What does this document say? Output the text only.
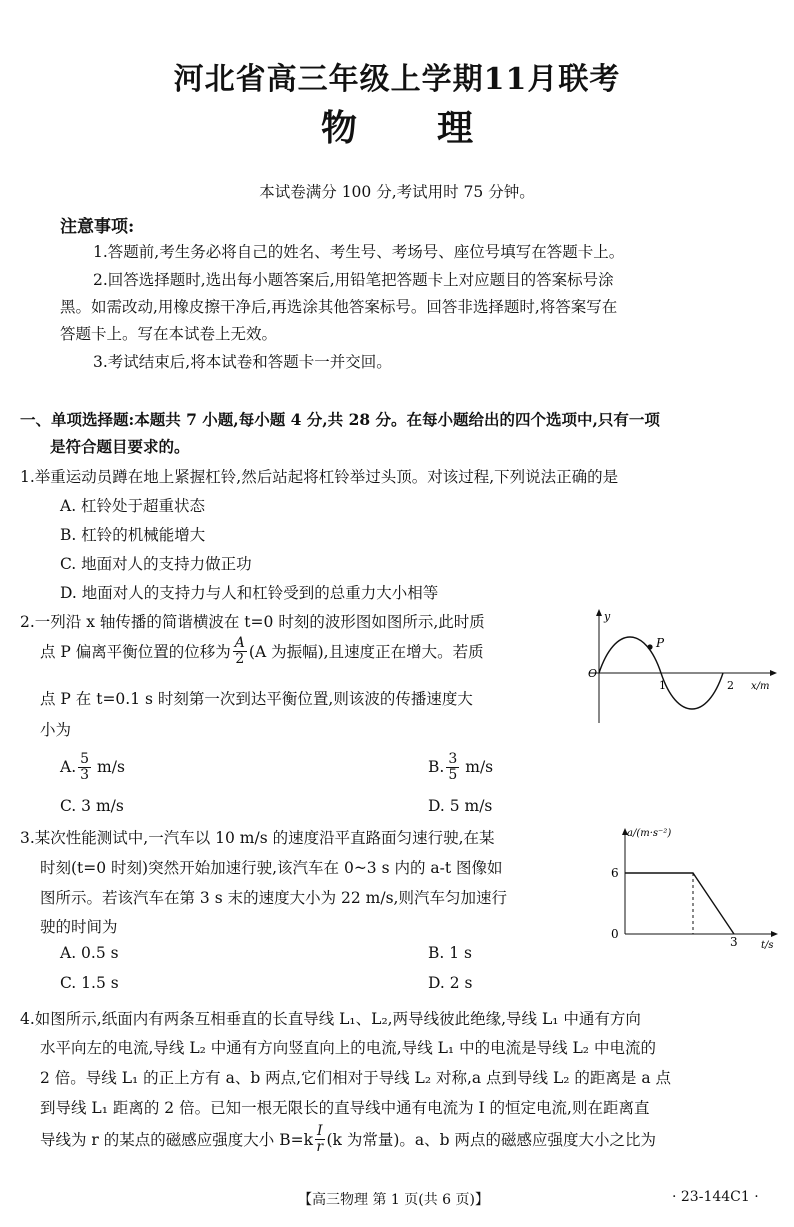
河北省高三年级上学期11月联考
物 理
本试卷满分 100 分,考试用时 75 分钟。
注意事项:
1.答题前,考生务必将自己的姓名、考生号、考场号、座位号填写在答题卡上。
2.回答选择题时,选出每小题答案后,用铅笔把答题卡上对应题目的答案标号涂
黑。如需改动,用橡皮擦干净后,再选涂其他答案标号。回答非选择题时,将答案写在
答题卡上。写在本试卷上无效。
3.考试结束后,将本试卷和答题卡一并交回。
一、单项选择题:本题共 7 小题,每小题 4 分,共 28 分。在每小题给出的四个选项中,只有一项
是符合题目要求的。
1.举重运动员蹲在地上紧握杠铃,然后站起将杠铃举过头顶。对该过程,下列说法正确的是
A. 杠铃处于超重状态
B. 杠铃的机械能增大
C. 地面对人的支持力做正功
D. 地面对人的支持力与人和杠铃受到的总重力大小相等
2.一列沿 x 轴传播的简谐横波在 t=0 时刻的波形图如图所示,此时质
点 P 偏离平衡位置的位移为 $\frac{A}{2} (A$ 为振幅),且速度正在增大。若质
点 P 在 t=0.1 s 时刻第一次到达平衡位置,则该波的传播速度大
小为
A. $\frac{5}{3} m/s$	B. $\frac{3}{5} m/s$
C. 3 m/s	D. 5 m/s
P
y
O
1	2 x/m
3.某次性能测试中,一汽车以 10 m/s 的速度沿平直路面匀速行驶,在某
时刻(t=0 时刻)突然开始加速行驶,该汽车在 0~3 s 内的 a-t 图像如
图所示。若该汽车在第 3 s 末的速度大小为 22 m/s,则汽车匀加速行
驶的时间为
A. 0.5 s	B. 1 s
C. 1.5 s	D. 2 s
a/(m·s⁻²)
6
0
3 t/s
4.如图所示,纸面内有两条互相垂直的长直导线 L₁、L₂,两导线彼此绝缘,导线 L₁ 中通有方向
水平向左的电流,导线 L₂ 中通有方向竖直向上的电流,导线 L₁ 中的电流是导线 L₂ 中电流的
2 倍。导线 L₁ 的正上方有 a、b 两点,它们相对于导线 L₂ 对称,a 点到导线 L₂ 的距离是 a 点
到导线 L₁ 距离的 2 倍。已知一根无限长的直导线中通有电流为 I 的恒定电流,则在距离直
导线为 r 的某点的磁感应强度大小 $B=k \frac{I}{r} (k$ 为常量)。a、b 两点的磁感应强度大小之比为
【高三物理 第 1 页(共 6 页)】	· 23-144C1 ·
